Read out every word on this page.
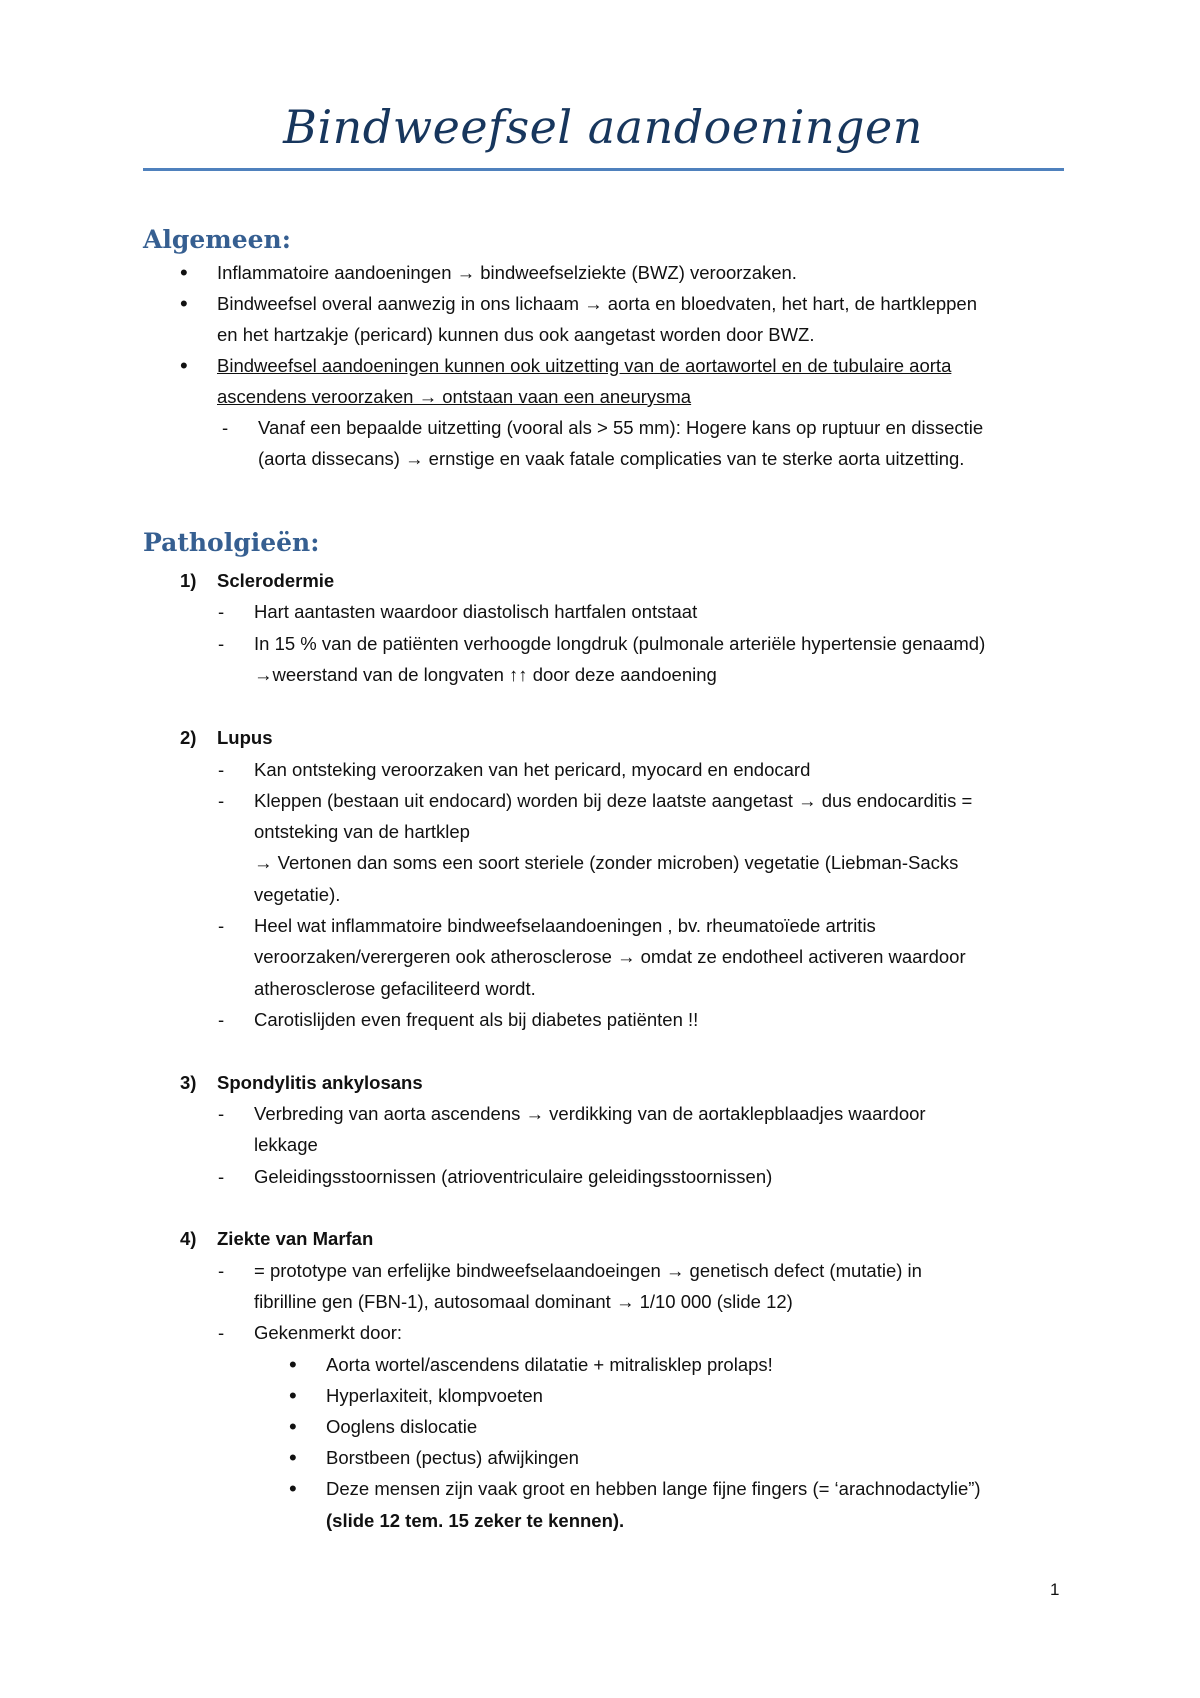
Bindweefsel aandoeningen
Algemeen:
• Inflammatoire aandoeningen → bindweefselziekte (BWZ) veroorzaken.
• Bindweefsel overal aanwezig in ons lichaam → aorta en bloedvaten, het hart, de hartkleppen
en het hartzakje (pericard) kunnen dus ook aangetast worden door BWZ.
• Bindweefsel aandoeningen kunnen ook uitzetting van de aortawortel en de tubulaire aorta
ascendens veroorzaken → ontstaan vaan een aneurysma
- Vanaf een bepaalde uitzetting (vooral als > 55 mm): Hogere kans op ruptuur en dissectie
(aorta dissecans) → ernstige en vaak fatale complicaties van te sterke aorta uitzetting.
Patholgieën:
1) Sclerodermie
- Hart aantasten waardoor diastolisch hartfalen ontstaat
- In 15 % van de patiënten verhoogde longdruk (pulmonale arteriële hypertensie genaamd)
→weerstand van de longvaten ↑↑ door deze aandoening
2) Lupus
- Kan ontsteking veroorzaken van het pericard, myocard en endocard
- Kleppen (bestaan uit endocard) worden bij deze laatste aangetast → dus endocarditis =
ontsteking van de hartklep
→ Vertonen dan soms een soort steriele (zonder microben) vegetatie (Liebman-Sacks
vegetatie).
- Heel wat inflammatoire bindweefselaandoeningen , bv. rheumatoïede artritis
veroorzaken/verergeren ook atherosclerose → omdat ze endotheel activeren waardoor
atherosclerose gefaciliteerd wordt.
- Carotislijden even frequent als bij diabetes patiënten !!
3) Spondylitis ankylosans
- Verbreding van aorta ascendens → verdikking van de aortaklepblaadjes waardoor
lekkage
- Geleidingsstoornissen (atrioventriculaire geleidingsstoornissen)
4) Ziekte van Marfan
- = prototype van erfelijke bindweefselaandoeingen → genetisch defect (mutatie) in
fibrilline gen (FBN-1), autosomaal dominant → 1/10 000 (slide 12)
- Gekenmerkt door:
• Aorta wortel/ascendens dilatatie + mitralisklep prolaps!
• Hyperlaxiteit, klompvoeten
• Ooglens dislocatie
• Borstbeen (pectus) afwijkingen
• Deze mensen zijn vaak groot en hebben lange fijne fingers (= ‘arachnodactylie”)
(slide 12 tem. 15 zeker te kennen).
1
